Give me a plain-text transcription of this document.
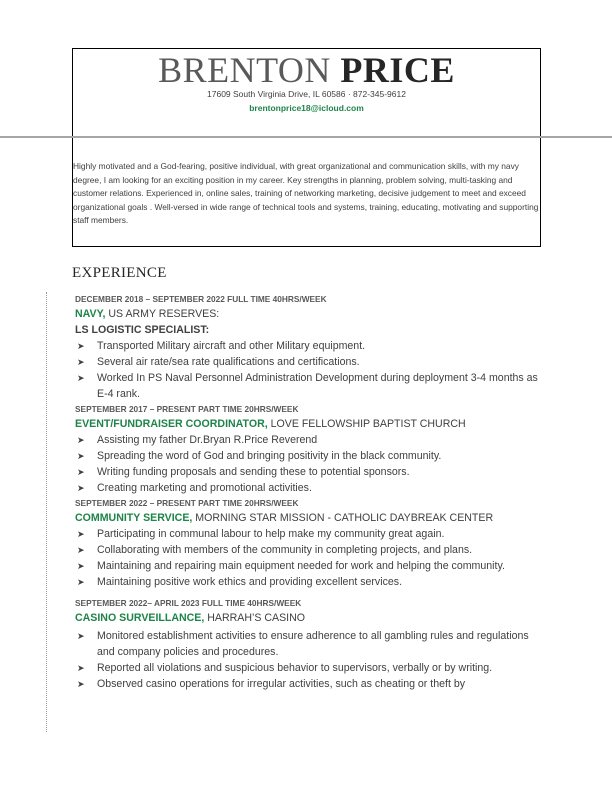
BRENTON PRICE
17609 South Virginia Drive, IL 60586 · 872-345-9612
brentonprice18@icloud.com
Highly motivated and a God-fearing, positive individual, with great organizational and communication skills, with my navy degree, I am looking for an exciting position in my career. Key strengths in planning, problem solving, multi-tasking and customer relations. Experienced in, online sales, training of networking marketing, decisive judgement to meet and exceed organizational goals . Well-versed in wide range of technical tools and systems, training, educating, motivating and supporting staff members.
EXPERIENCE
DECEMBER 2018 – SEPTEMBER 2022 FULL TIME 40HRS/WEEK
NAVY, US ARMY RESERVES:
LS LOGISTIC SPECIALIST:
➤ Transported Military aircraft and other Military equipment.
➤ Several air rate/sea rate qualifications and certifications.
➤ Worked In PS Naval Personnel Administration Development during deployment 3-4 months as E-4 rank.
SEPTEMBER 2017 – PRESENT PART TIME 20HRS/WEEK
EVENT/FUNDRAISER COORDINATOR, LOVE FELLOWSHIP BAPTIST CHURCH
➤ Assisting my father Dr.Bryan R.Price Reverend
➤ Spreading the word of God and bringing positivity in the black community.
➤ Writing funding proposals and sending these to potential sponsors.
➤ Creating marketing and promotional activities.
SEPTEMBER 2022 – PRESENT PART TIME 20HRS/WEEK
COMMUNITY SERVICE, MORNING STAR MISSION - CATHOLIC DAYBREAK CENTER
➤ Participating in communal labour to help make my community great again.
➤ Collaborating with members of the community in completing projects, and plans.
➤ Maintaining and repairing main equipment needed for work and helping the community.
➤ Maintaining positive work ethics and providing excellent services.
SEPTEMBER 2022– APRIL 2023 FULL TIME 40HRS/WEEK
CASINO SURVEILLANCE, HARRAH’S CASINO
➤ Monitored establishment activities to ensure adherence to all gambling rules and regulations and company policies and procedures.
➤ Reported all violations and suspicious behavior to supervisors, verbally or by writing.
➤ Observed casino operations for irregular activities, such as cheating or theft by
